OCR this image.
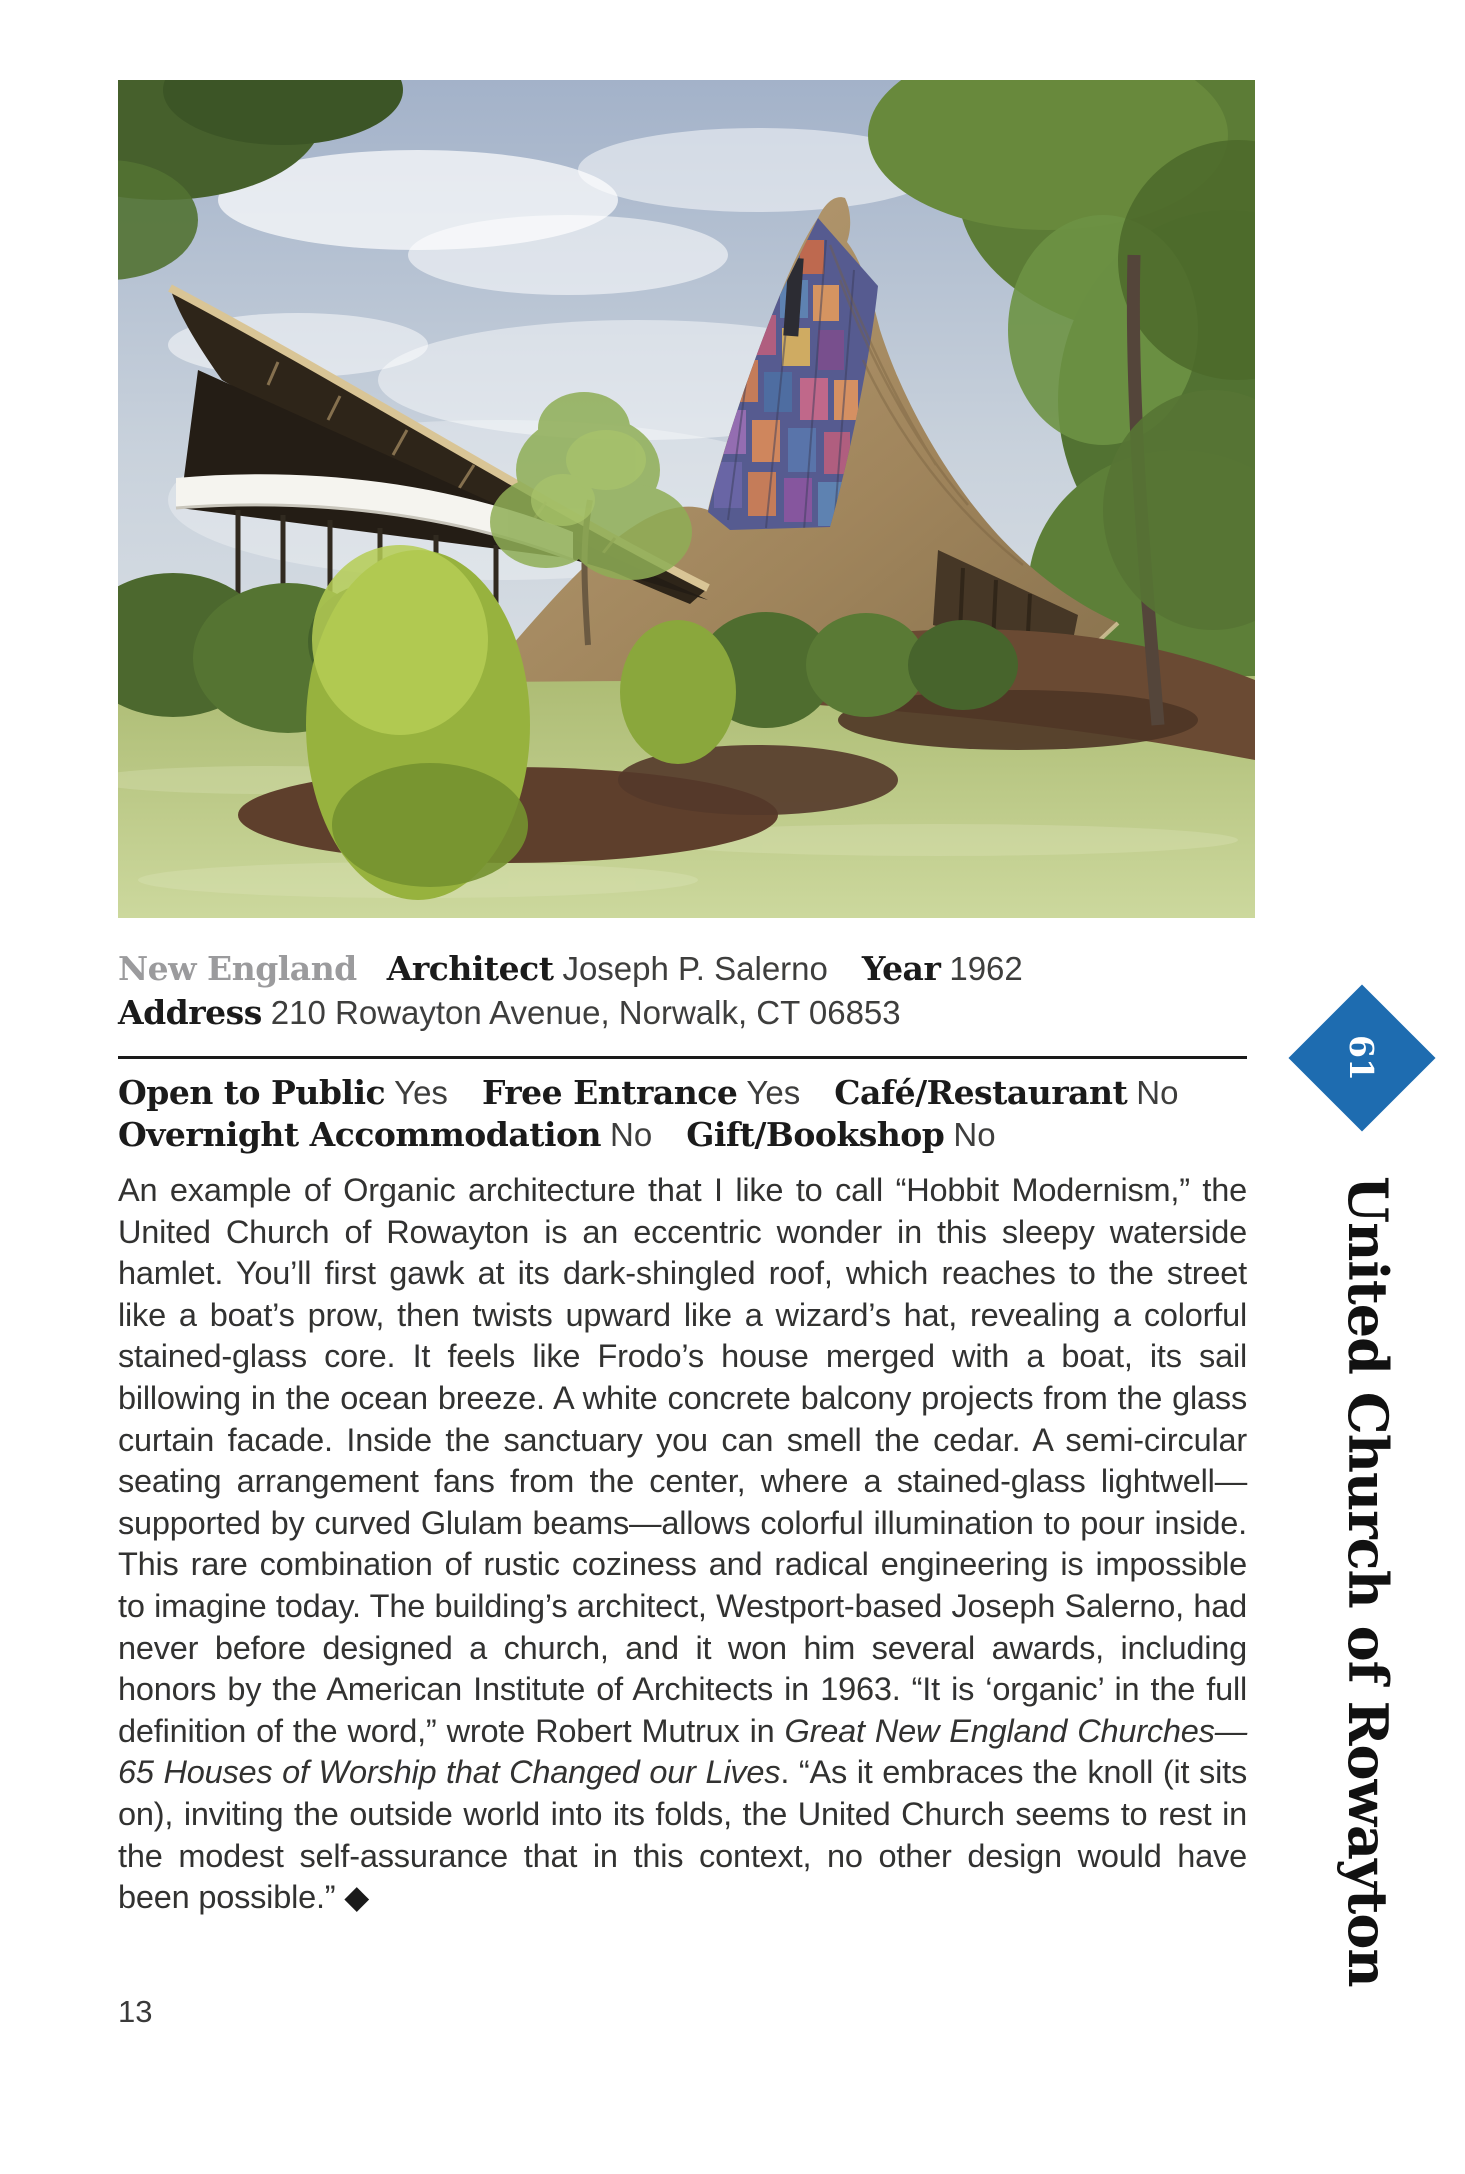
New England Architect Joseph P. Salerno Year 1962
Address 210 Rowayton Avenue, Norwalk, CT 06853
Open to Public Yes Free Entrance Yes Café/Restaurant No
Overnight Accommodation No Gift/Bookshop No
An example of Organic architecture that I like to call “Hobbit Modernism,” the United Church of Rowayton is an eccentric wonder in this sleepy waterside hamlet. You’ll first gawk at its dark-shingled roof, which reaches to the street like a boat’s prow, then twists upward like a wizard’s hat, revealing a colorful stained-glass core. It feels like Frodo’s house merged with a boat, its sail billowing in the ocean breeze. A white concrete balcony projects from the glass curtain facade. Inside the sanctuary you can smell the cedar. A semi-circular seating arrangement fans from the center, where a stained-glass lightwell—supported by curved Glulam beams—allows colorful illumination to pour inside. This rare combination of rustic coziness and radical engineering is impossible to imagine today. The building’s architect, Westport-based Joseph Salerno, had never before designed a church, and it won him several awards, including honors by the American Institute of Architects in 1963. “It is ‘organic’ in the full definition of the word,” wrote Robert Mutrux in Great New England Churches—65 Houses of Worship that Changed our Lives. “As it embraces the knoll (it sits on), inviting the outside world into its folds, the United Church seems to rest in the modest self-assurance that in this context, no other design would have been possible.” ◆
13
61
United Church of Rowayton
